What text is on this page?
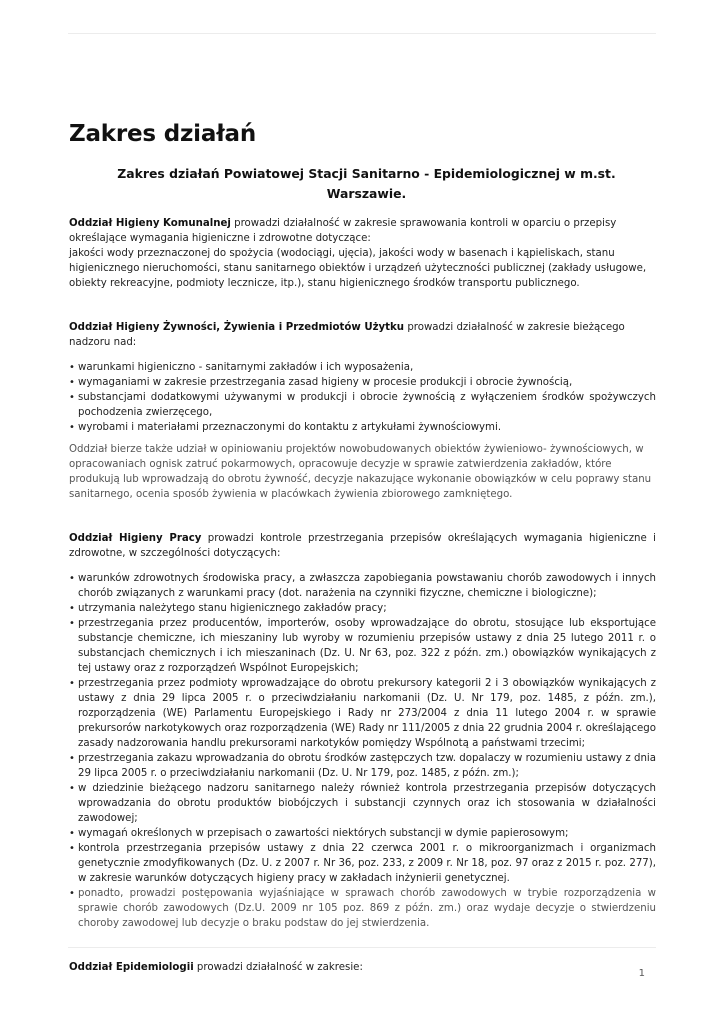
Zakres działań
Zakres działań Powiatowej Stacji Sanitarno - Epidemiologicznej w m.st. Warszawie.

Oddział Higieny Komunalnej prowadzi działalność w zakresie sprawowania kontroli w oparciu o przepisy określające wymagania higieniczne i zdrowotne dotyczące:

jakości wody przeznaczonej do spożycia (wodociągi, ujęcia), jakości wody w basenach i kąpieliskach, stanu higienicznego nieruchomości, stanu sanitarnego obiektów i urządzeń użyteczności publicznej (zakłady usługowe, obiekty rekreacyjne, podmioty lecznicze, itp.), stanu higienicznego środków transportu publicznego.

Oddział Higieny Żywności, Żywienia i Przedmiotów Użytku prowadzi działalność w zakresie bieżącego nadzoru nad:

• warunkami higieniczno - sanitarnymi zakładów i ich wyposażenia,
• wymaganiami w zakresie przestrzegania zasad higieny w procesie produkcji i obrocie żywnością,
• substancjami dodatkowymi używanymi w produkcji i obrocie żywnością z wyłączeniem środków spożywczych pochodzenia zwierzęcego,
• wyrobami i materiałami przeznaczonymi do kontaktu z artykułami żywnościowymi.

Oddział bierze także udział w opiniowaniu projektów nowobudowanych obiektów żywieniowo- żywnościowych, w opracowaniach ognisk zatruć pokarmowych, opracowuje decyzje w sprawie zatwierdzenia zakładów, które produkują lub wprowadzają do obrotu żywność, decyzje nakazujące wykonanie obowiązków w celu poprawy stanu sanitarnego, ocenia sposób żywienia w placówkach żywienia zbiorowego zamkniętego.

Oddział Higieny Pracy prowadzi kontrole przestrzegania przepisów określających wymagania higieniczne i zdrowotne, w szczególności dotyczących:

• warunków zdrowotnych środowiska pracy, a zwłaszcza zapobiegania powstawaniu chorób zawodowych i innych chorób związanych z warunkami pracy (dot. narażenia na czynniki fizyczne, chemiczne i biologiczne);
• utrzymania należytego stanu higienicznego zakładów pracy;
• przestrzegania przez producentów, importerów, osoby wprowadzające do obrotu, stosujące lub eksportujące substancje chemiczne, ich mieszaniny lub wyroby w rozumieniu przepisów ustawy z dnia 25 lutego 2011 r. o substancjach chemicznych i ich mieszaninach (Dz. U. Nr 63, poz. 322 z późn. zm.) obowiązków wynikających z tej ustawy oraz z rozporządzeń Wspólnot Europejskich;
• przestrzegania przez podmioty wprowadzające do obrotu prekursory kategorii 2 i 3 obowiązków wynikających z ustawy z dnia 29 lipca 2005 r. o przeciwdziałaniu narkomanii (Dz. U. Nr 179, poz. 1485, z późn. zm.), rozporządzenia (WE) Parlamentu Europejskiego i Rady nr 273/2004 z dnia 11 lutego 2004 r. w sprawie prekursorów narkotykowych oraz rozporządzenia (WE) Rady nr 111/2005 z dnia 22 grudnia 2004 r. określającego zasady nadzorowania handlu prekursorami narkotyków pomiędzy Wspólnotą a państwami trzecimi;
• przestrzegania zakazu wprowadzania do obrotu środków zastępczych tzw. dopalaczy w rozumieniu ustawy z dnia 29 lipca 2005 r. o przeciwdziałaniu narkomanii (Dz. U. Nr 179, poz. 1485, z późn. zm.);
• w dziedzinie bieżącego nadzoru sanitarnego należy również kontrola przestrzegania przepisów dotyczących wprowadzania do obrotu produktów biobójczych i substancji czynnych oraz ich stosowania w działalności zawodowej;
• wymagań określonych w przepisach o zawartości niektórych substancji w dymie papierosowym;
• kontrola przestrzegania przepisów ustawy z dnia 22 czerwca 2001 r. o mikroorganizmach i organizmach genetycznie zmodyfikowanych (Dz. U. z 2007 r. Nr 36, poz. 233, z 2009 r. Nr 18, poz. 97 oraz z 2015 r. poz. 277), w zakresie warunków dotyczących higieny pracy w zakładach inżynierii genetycznej.
• ponadto, prowadzi postępowania wyjaśniające w sprawach chorób zawodowych w trybie rozporządzenia w sprawie chorób zawodowych (Dz.U. 2009 nr 105 poz. 869 z późn. zm.) oraz wydaje decyzje o stwierdzeniu choroby zawodowej lub decyzje o braku podstaw do jej stwierdzenia.

Oddział Epidemiologii prowadzi działalność w zakresie:

1
